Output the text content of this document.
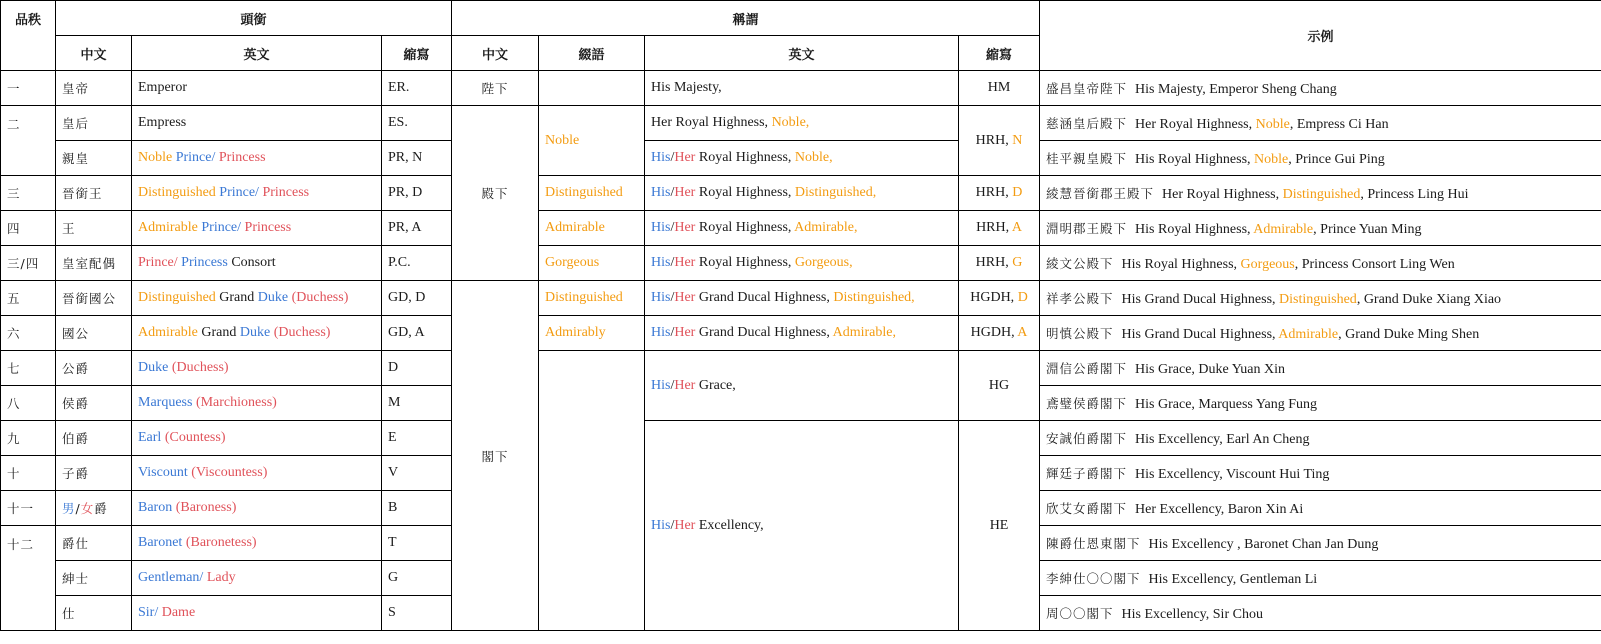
品秩	頭銜			稱謂				示例
	中文	英文	縮寫	中文	綴語	英文	縮寫	
一	皇帝	Emperor	ER.	陛下		His Majesty,	HM	盛昌皇帝陛下 His Majesty, Emperor Sheng Chang
二	皇后	Empress	ES.	殿下	Noble	Her Royal Highness, Noble,	HRH, N	慈涵皇后殿下 Her Royal Highness, Noble, Empress Ci Han
	親皇	Noble Prince/ Princess	PR, N			His/Her Royal Highness, Noble,		桂平親皇殿下 His Royal Highness, Noble, Prince Gui Ping
三	晉銜王	Distinguished Prince/ Princess	PR, D		Distinguished	His/Her Royal Highness, Distinguished,	HRH, D	綾慧晉銜郡王殿下 Her Royal Highness, Distinguished, Princess Ling Hui
四	王	Admirable Prince/ Princess	PR, A		Admirable	His/Her Royal Highness, Admirable,	HRH, A	淵明郡王殿下 His Royal Highness, Admirable, Prince Yuan Ming
三/四	皇室配偶	Prince/ Princess Consort	P.C.		Gorgeous	His/Her Royal Highness, Gorgeous,	HRH, G	綾文公殿下 His Royal Highness, Gorgeous, Princess Consort Ling Wen
五	晉銜國公	Distinguished Grand Duke (Duchess)	GD, D	閣下	Distinguished	His/Her Grand Ducal Highness, Distinguished,	HGDH, D	祥孝公殿下 His Grand Ducal Highness, Distinguished, Grand Duke Xiang Xiao
六	國公	Admirable Grand Duke (Duchess)	GD, A		Admirably	His/Her Grand Ducal Highness, Admirable,	HGDH, A	明慎公殿下 His Grand Ducal Highness, Admirable, Grand Duke Ming Shen
七	公爵	Duke (Duchess)	D			His/Her Grace,	HG	淵信公爵閣下 His Grace, Duke Yuan Xin
八	侯爵	Marquess (Marchioness)	M					鳶璧侯爵閣下 His Grace, Marquess Yang Fung
九	伯爵	Earl (Countess)	E			His/Her Excellency,	HE	安誠伯爵閣下 His Excellency, Earl An Cheng
十	子爵	Viscount (Viscountess)	V					輝廷子爵閣下 His Excellency, Viscount Hui Ting
十一	男/女爵	Baron (Baroness)	B					欣艾女爵閣下 Her Excellency, Baron Xin Ai
十二	爵仕	Baronet (Baronetess)	T					陳爵仕恩東閣下 His Excellency , Baronet Chan Jan Dung
	紳士	Gentleman/ Lady	G					李紳仕〇〇閣下 His Excellency, Gentleman Li
	仕	Sir/ Dame	S					周〇〇閣下 His Excellency, Sir Chou
